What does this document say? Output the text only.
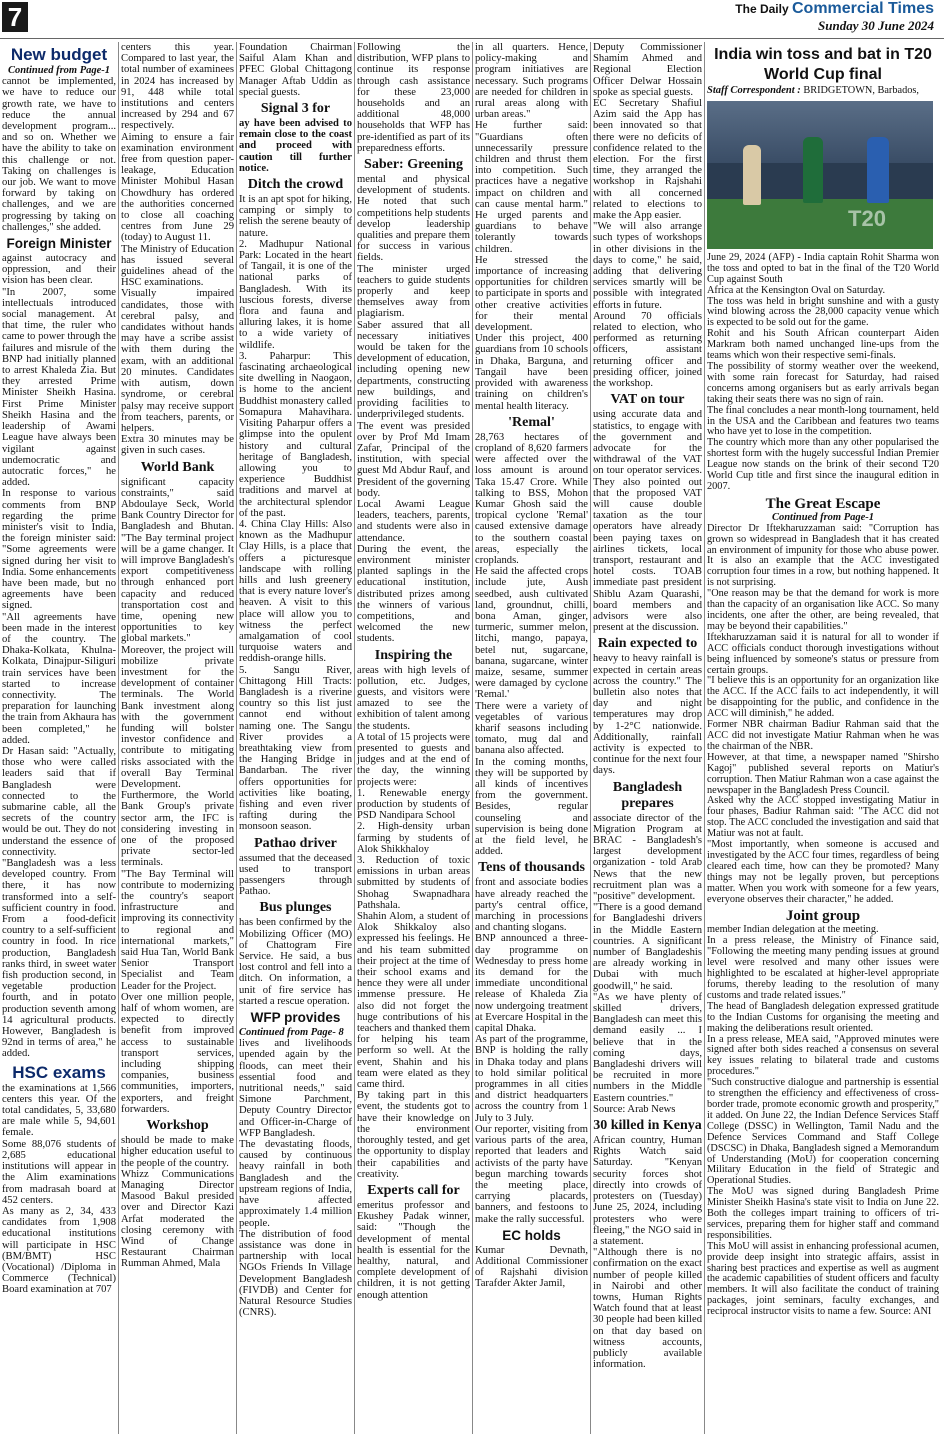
7	The Daily Commercial Times
Sunday 30 June 2024
New budget

Continued from Page-1

cannot be implemented, we have to reduce our growth rate, we have to reduce the annual development program... and so on. Whether we have the ability to take on this challenge or not. Taking on challenges is our job. We want to move forward by taking on challenges, and we are progressing by taking on challenges," she added.

Foreign Minister

against autocracy and oppression, and their vision has been clear.

"In 2007, some intellectuals introduced social management. At that time, the ruler who came to power through the failures and misrule of the BNP had initially planned to arrest Khaleda Zia. But they arrested Prime Minister Sheikh Hasina. First Prime Minister Sheikh Hasina and the leadership of Awami League have always been vigilant against undemocratic and autocratic forces," he added.

In response to various comments from BNP regarding the prime minister's visit to India, the foreign minister said: "Some agreements were signed during her visit to India. Some enhancements have been made, but no agreements have been signed.

"All agreements have been made in the interest of the country. The Dhaka-Kolkata, Khulna-Kolkata, Dinajpur-Siliguri train services have been started to increase connectivity. The preparation for launching the train from Akhaura has been completed," he added.

Dr Hasan said: "Actually, those who were called leaders said that if Bangladesh were connected to the submarine cable, all the secrets of the country would be out. They do not understand the essence of connectivity.

"Bangladesh was a less developed country. From there, it has now transformed into a self-sufficient country in food. From a food-deficit country to a self-sufficient country in food. In rice production, Bangladesh ranks third, in sweet water fish production second, in vegetable production fourth, and in potato production seventh among 14 agricultural products. However, Bangladesh is 92nd in terms of area," he added.

HSC exams

the examinations at 1,566 centers this year. Of the total candidates, 5, 33,680 are male while 5, 94,601 female.

Some 88,076 students of 2,685 educational institutions will appear in the Alim examinations from madrasah board at 452 centers.

As many as 2, 34, 433 candidates from 1,908 educational institutions will participate in HSC (BM/BMT) HSC (Vocational) /Diploma in Commerce (Technical) Board examination at 707

centers this year. Compared to last year, the total number of examinees in 2024 has increased by 91, 448 while total institutions and centers increased by 294 and 67 respectively.

Aiming to ensure a fair examination environment free from question paper-leakage, Education Minister Mohibul Hasan Chowdhury has ordered the authorities concerned to close all coaching centres from June 29 (today) to August 11.

The Ministry of Education has issued several guidelines ahead of the HSC examinations.

Visually impaired candidates, those with cerebral palsy, and candidates without hands may have a scribe assist with them during the exam, with an additional 20 minutes. Candidates with autism, down syndrome, or cerebral palsy may receive support from teachers, parents, or helpers.

Extra 30 minutes may be given in such cases.

World Bank

significant capacity constraints," said Abdoulaye Seck, World Bank Country Director for Bangladesh and Bhutan. "The Bay terminal project will be a game changer. It will improve Bangladesh's export competitiveness through enhanced port capacity and reduced transportation cost and time, opening new opportunities to key global markets."

Moreover, the project will mobilize private investment for the development of container terminals. The World Bank investment along with the government funding will bolster investor confidence and contribute to mitigating risks associated with the overall Bay Terminal Development.

Furthermore, the World Bank Group's private sector arm, the IFC is considering investing in one of the proposed private sector-led terminals.

"The Bay Terminal will contribute to modernizing the country's seaport infrastructure and improving its connectivity to regional and international markets," said Hua Tan, World Bank Senior Transport Specialist and Team Leader for the Project.

Over one million people, half of whom women, are expected to directly benefit from improved access to sustainable transport services, including shipping companies, business communities, importers, exporters, and freight forwarders.

Workshop

should be made to make higher education useful to the people of the country.

Whizz Communications Managing Director Masood Bakul presided over and Director Kazi Arfat moderated the closing ceremony with Wind of Change Restaurant Chairman Rumman Ahmed, Mala

Foundation Chairman Saiful Alam Khan and PFEC Global Chittagong Manager Aftab Uddin as special guests.

Signal 3 for

ay have been advised to remain close to the coast and proceed with caution till further notice.

Ditch the crowd

It is an apt spot for hiking, camping or simply to relish the serene beauty of nature.

2. Madhupur National Park: Located in the heart of Tangail, it is one of the national parks of Bangladesh. With its luscious forests, diverse flora and fauna and alluring lakes, it is home to a wide variety of wildlife.

3. Paharpur: This fascinating archaeological site dwelling in Naogaon, is home to the ancient Buddhist monastery called Somapura Mahavihara. Visiting Paharpur offers a glimpse into the opulent history and cultural heritage of Bangladesh, allowing you to experience Buddhist traditions and marvel at the architectural splendor of the past.

4. China Clay Hills: Also known as the Madhupur Clay Hills, is a place that offers a picturesque landscape with rolling hills and lush greenery that is every nature lover's heaven. A visit to this place will allow you to witness the perfect amalgamation of cool turquoise waters and reddish-orange hills.

5. Sangu River, Chittagong Hill Tracts: Bangladesh is a riverine country so this list just cannot end without naming one. The Sangu River provides a breathtaking view from the Hanging Bridge in Bandarban. The river offers opportunities for activities like boating, fishing and even river rafting during the monsoon season.

Pathao driver

assumed that the deceased used to transport passengers through Pathao.

Bus plunges

has been confirmed by the Mobilizing Officer (MO) of Chattogram Fire Service. He said, a bus lost control and fell into a ditch. On information, a unit of fire service has started a rescue operation.

WFP provides

Continued from Page- 8

lives and livelihoods upended again by the floods, can meet their essential food and nutritional needs," said Simone Parchment, Deputy Country Director and Officer-in-Charge of WFP Bangladesh.

The devastating floods, caused by continuous heavy rainfall in both Bangladesh and the upstream regions of India, have affected approximately 1.4 million people.

The distribution of food assistance was done in partnership with local NGOs Friends In Village Development Bangladesh (FIVDB) and Center for Natural Resource Studies (CNRS).

Following the distribution, WFP plans to continue its response through cash assistance for these 23,000 households and an additional 48,000 households that WFP has pre-identified as part of its preparedness efforts.

Saber: Greening

mental and physical development of students. He noted that such competitions help students develop leadership qualities and prepare them for success in various fields.

The minister urged teachers to guide students properly and keep themselves away from plagiarism.

Saber assured that all necessary initiatives would be taken for the development of education, including opening new departments, constructing new buildings, and providing facilities to underprivileged students.

The event was presided over by Prof Md Imam Zafar, Principal of the institution, with special guest Md Abdur Rauf, and President of the governing body.

Local Awami League leaders, teachers, parents, and students were also in attendance.

During the event, the environment minister planted saplings in the educational institution, distributed prizes among the winners of various competitions, and welcomed the new students.

Inspiring the

areas with high levels of pollution, etc. Judges, guests, and visitors were amazed to see the exhibition of talent among the students.

A total of 15 projects were presented to guests and judges and at the end of the day, the winning projects were:

1. Renewable energy production by students of PSD Nandipara School

2. High-density urban farming by students of Alok Shikkhaloy

3. Reduction of toxic emissions in urban areas submitted by students of Shohag Swapnadhara Pathshala.

Shahin Alom, a student of Alok Shikkaloy also expressed his feelings. He and his team submitted their project at the time of their school exams and hence they were all under immense pressure. He also did not forget the huge contributions of his teachers and thanked them for helping his team perform so well. At the event, Shahin and his team were elated as they came third.

By taking part in this event, the students got to have their knowledge on the environment thoroughly tested, and get the opportunity to display their capabilities and creativity.

Experts call for

emeritus professor and Ekushey Padak winner, said: "Though the development of mental health is essential for the healthy, natural, and complete development of children, it is not getting enough attention

in all quarters. Hence, policy-making and program initiatives are necessary. Such programs are needed for children in rural areas along with urban areas."

He further said: "Guardians often unnecessarily pressure children and thrust them into competition. Such practices have a negative impact on children and can cause mental harm." He urged parents and guardians to behave tolerantly towards children.

He stressed the importance of increasing opportunities for children to participate in sports and other creative activities for their mental development.

Under this project, 400 guardians from 10 schools in Dhaka, Barguna, and Tangail have been provided with awareness training on children's mental health literacy.

'Remal'

28,763 hectares of cropland of 8,620 farmers were affected over the loss amount is around Taka 15.47 Crore. While talking to BSS, Mohon Kumar Ghosh said the tropical cyclone 'Remal' caused extensive damage to the southern coastal areas, especially the croplands.

He said the affected crops include jute, Aush seedbed, aush cultivated land, groundnut, chilli, bona Aman, ginger, turmeric, summer melon, litchi, mango, papaya, betel nut, sugarcane, banana, sugarcane, winter maize, sesame, summer were damaged by cyclone 'Remal.'

There were a variety of vegetables of various kharif seasons including tomato, mug dal and banana also affected.

In the coming months, they will be supported by all kinds of incentives from the government. Besides, regular counseling and supervision is being done at the field level, he added.

Tens of thousands

front and associate bodies have already reached the party's central office, marching in processions and chanting slogans.

BNP announced a three-day programme on Wednesday to press home its demand for the immediate unconditional release of Khaleda Zia now undergoing treatment at Evercare Hospital in the capital Dhaka.

As part of the programme, BNP is holding the rally in Dhaka today and plans to hold similar political programmes in all cities and district headquarters across the country from 1 July to 3 July.

Our reporter, visiting from various parts of the area, reported that leaders and activists of the party have begun marching towards the meeting place, carrying placards, banners, and festoons to make the rally successful.

EC holds

Kumar Devnath, Additional Commissioner of Rajshahi division Tarafder Akter Jamil,

Deputy Commissioner Shamim Ahmed and Regional Election Officer Delwar Hossain spoke as special guests.

EC Secretary Shafiul Azim said the App has been innovated so that there were no deficits of confidence related to the election. For the first time, they arranged the workshop in Rajshahi with all concerned related to elections to make the App easier.

"We will also arrange such types of workshops in other divisions in the days to come," he said, adding that delivering services smartly will be possible with integrated efforts in future.

Around 70 officials related to election, who performed as returning officers, assistant returning officer and presiding officer, joined the workshop.

VAT on tour

using accurate data and statistics, to engage with the government and advocate for the withdrawal of the VAT on tour operator services. They also pointed out that the proposed VAT will cause double taxation as the tour operators have already been paying taxes on airlines tickets, local transport, restaurant and hotel costs. TOAB immediate past president Shiblu Azam Quarashi, board members and advisors were also present at the discussion.

Rain expected to

heavy to heavy rainfall is expected in certain areas across the country." The bulletin also notes that day and night temperatures may drop by 1-2°C nationwide. Additionally, rainfall activity is expected to continue for the next four days.

Bangladesh prepares

associate director of the Migration Program at BRAC - Bangladesh's largest development organization - told Arab News that the new recruitment plan was a "positive" development.

"There is a good demand for Bangladeshi drivers in the Middle Eastern countries. A significant number of Bangladeshis are already working in Dubai with much goodwill," he said.

"As we have plenty of skilled drivers, Bangladesh can meet this demand easily ... I believe that in the coming days, Bangladeshi drivers will be recruited in more numbers in the Middle Eastern countries."

Source: Arab News

30 killed in Kenya

African country, Human Rights Watch said Saturday. "Kenyan security forces shot directly into crowds of protesters on (Tuesday) June 25, 2024, including protesters who were fleeing," the NGO said in a statement.

"Although there is no confirmation on the exact number of people killed in Nairobi and other towns, Human Rights Watch found that at least 30 people had been killed on that day based on witness accounts, publicly available information.

India win toss and bat in T20 World Cup final

Staff Correspondent : BRIDGETOWN, Barbados,

T20

June 29, 2024 (AFP) - India captain Rohit Sharma won the toss and opted to bat in the final of the T20 World Cup against South

Africa at the Kensington Oval on Saturday.

The toss was held in bright sunshine and with a gusty wind blowing across the 28,000 capacity venue which is expected to be sold out for the game.

Rohit and his South African counterpart Aiden Markram both named unchanged line-ups from the teams which won their respective semi-finals.

The possibility of stormy weather over the weekend, with some rain forecast for Saturday, had raised concerns among organisers but as early arrivals began taking their seats there was no sign of rain.

The final concludes a near month-long tournament, held in the USA and the Caribbean and features two teams who have yet to lose in the competition.

The country which more than any other popularised the shortest form with the hugely successful Indian Premier League now stands on the brink of their second T20 World Cup title and first since the inaugural edition in 2007.

The Great Escape

Continued from Page-1

Director Dr Iftekharuzzaman said: "Corruption has grown so widespread in Bangladesh that it has created an environment of impunity for those who abuse power. It is also an example that the ACC investigated corruption four times in a row, but nothing happened. It is not surprising.

"One reason may be that the demand for work is more than the capacity of an organisation like ACC. So many incidents, one after the other, are being revealed, that may be beyond their capabilities."

Iftekharuzzaman said it is natural for all to wonder if ACC officials conduct thorough investigations without being influenced by someone's status or pressure from certain groups.

"I believe this is an opportunity for an organization like the ACC. If the ACC fails to act independently, it will be disappointing for the public, and confidence in the ACC will diminish," he added.

Former NBR chairman Badiur Rahman said that the ACC did not investigate Matiur Rahman when he was the chairman of the NBR.

However, at that time, a newspaper named "Shirsho Kagoj" published several reports on Matiur's corruption. Then Matiur Rahman won a case against the newspaper in the Bangladesh Press Council.

Asked why the ACC stopped investigating Matiur in four phases, Badiur Rahman said: "The ACC did not stop. The ACC concluded the investigation and said that Matiur was not at fault.

"Most importantly, when someone is accused and investigated by the ACC four times, regardless of being cleared each time, how can they be promoted? Many things may not be legally proven, but perceptions matter. When you work with someone for a few years, everyone observes their character," he added.

Joint group

member Indian delegation at the meeting.

In a press release, the Ministry of Finance said, "Following the meeting many pending issues at ground level were resolved and many other issues were highlighted to be escalated at higher-level appropriate forums, thereby leading to the resolution of many customs and trade related issues."

The head of Bangladesh delegation expressed gratitude to the Indian Customs for organising the meeting and making the deliberations result oriented.

In a press release, MEA said, "Approved minutes were signed after both sides reached a consensus on several key issues relating to bilateral trade and customs procedures."

"Such constructive dialogue and partnership is essential to strengthen the efficiency and effectiveness of cross-border trade, promote economic growth and prosperity," it added. On June 22, the Indian Defence Services Staff College (DSSC) in Wellington, Tamil Nadu and the Defence Services Command and Staff College (DSCSC) in Dhaka, Bangladesh signed a Memorandum of Understanding (MoU) for cooperation concerning Military Education in the field of Strategic and Operational Studies.

The MoU was signed during Bangladesh Prime Minister Sheikh Hasina's state visit to India on June 22. Both the colleges impart training to officers of tri-services, preparing them for higher staff and command responsibilities.

This MoU will assist in enhancing professional acumen, provide deep insight into strategic affairs, assist in sharing best practices and expertise as well as augment the academic capabilities of student officers and faculty members. It will also facilitate the conduct of training packages, joint seminars, faculty exchanges, and reciprocal instructor visits to name a few. Source: ANI
